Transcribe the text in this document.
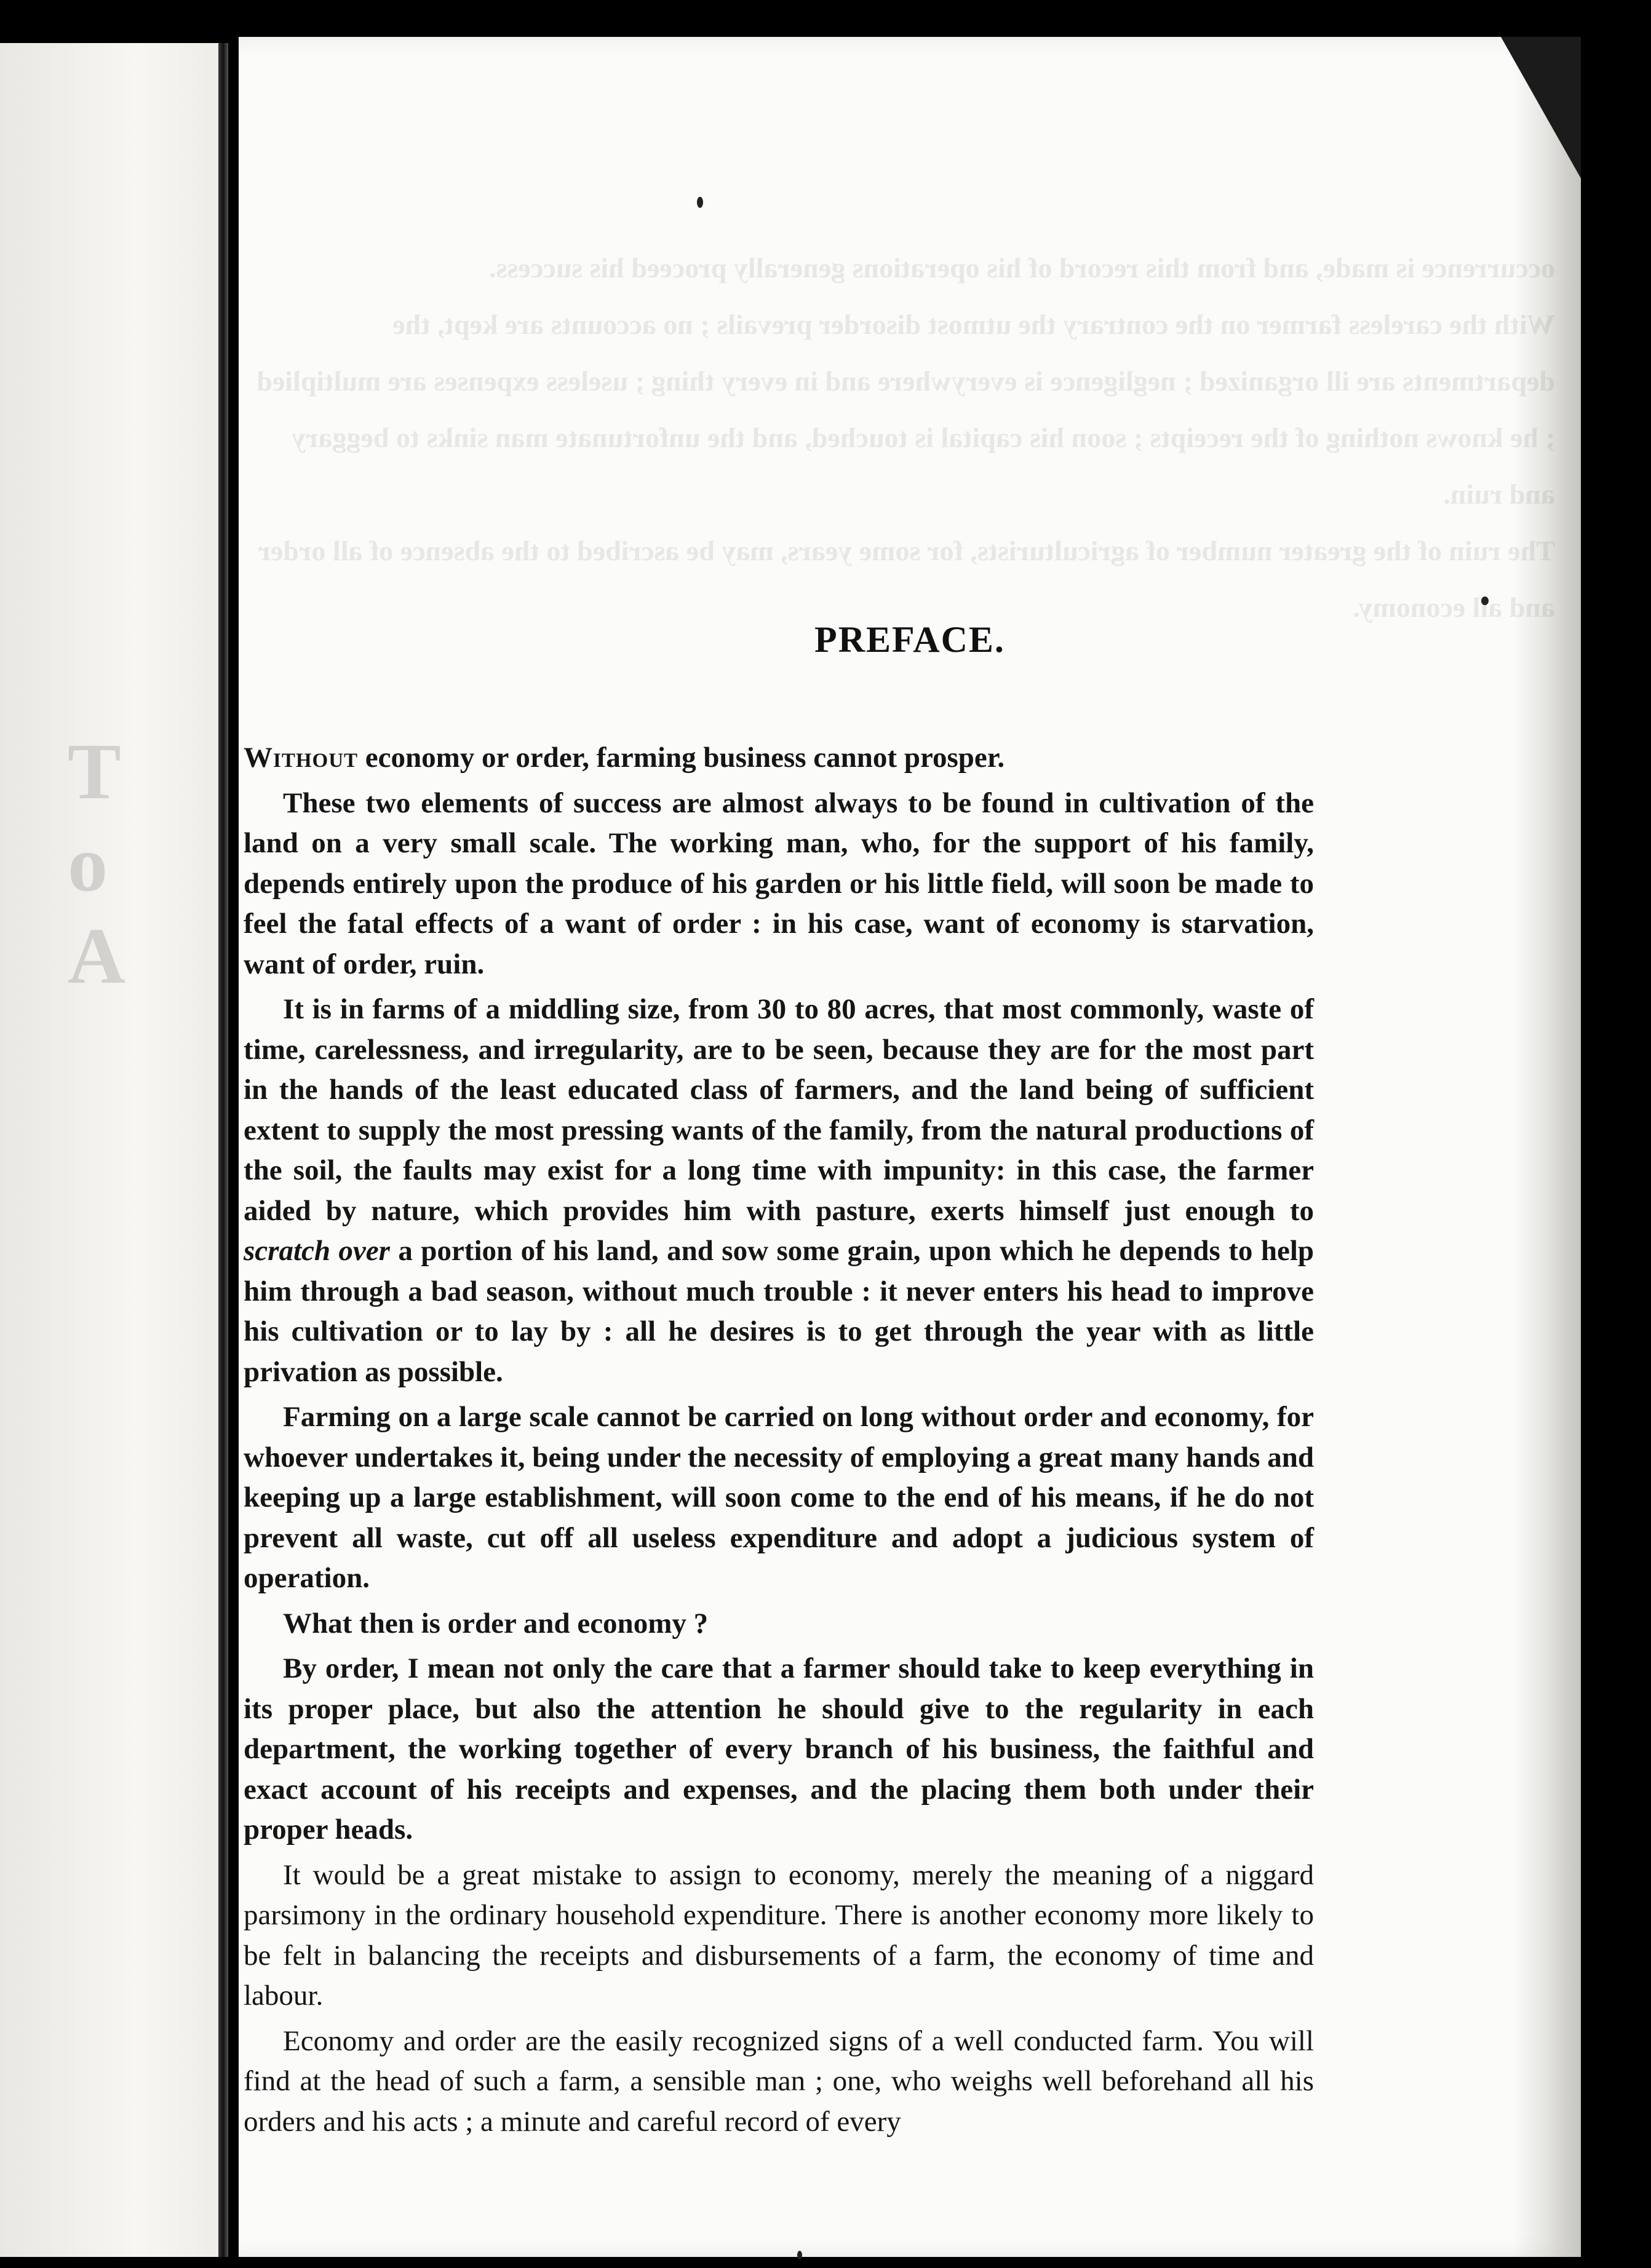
T o A
occurrence is made, and from this record of his operations generally proceed his success.
the careless farmer on the contrary the utmost disorder prevails ; no accounts are kept, the departments are ill organized ; negligence is everywhere and in every thing ; useless expenses are multiplied   knows nothing of the receipts ; soon his capital is touched, and the unfortunate man sinks to beggary  ruin.
ruin of the greater number of agriculturists, for some years, may be ascribed to the absence of all order  all economy.
PREFACE.

Without economy or order, farming business cannot prosper.

These two elements of success are almost always to be found in cultivation of the land on a very small scale. The working man, who, for the support of his family, depends entirely upon the produce of his garden or his little field, will soon be made to feel the fatal effects of a want of order : in his case, want of economy is starvation, want of order, ruin.

It is in farms of a middling size, from 30 to 80 acres, that most commonly, waste of time, carelessness, and irregularity, are to be seen, because they are for the most part in the hands of the least educated class of farmers, and the land being of sufficient extent to supply the most pressing wants of the family, from the natural productions of the soil, the faults may exist for a long time with impunity: in this case, the farmer aided by nature, which provides him with pasture, exerts himself just enough to scratch over a portion of his land, and sow some grain, upon which he depends to help him through a bad season, without much trouble : it never enters his head to improve his cultivation or to lay by : all he desires is to get through the year with as little privation as possible.

Farming on a large scale cannot be carried on long without order and economy, for whoever undertakes it, being under the necessity of employing a great many hands and keeping up a large establishment, will soon come to the end of his means, if he do not prevent all waste, cut off all useless expenditure and adopt a judicious system of operation.

What then is order and economy ?

By order, I mean not only the care that a farmer should take to keep everything in its proper place, but also the attention he should give to the regularity in each department, the working together of every branch of his business, the faithful and exact account of his receipts and expenses, and the placing them both under their proper heads.

It would be a great mistake to assign to economy, merely the meaning of a niggard parsimony in the ordinary household expenditure. There is another economy more likely to be felt in balancing the receipts and disbursements of a farm, the economy of time and labour.

Economy and order are the easily recognized signs of a well conducted farm. You will find at the head of such a farm, a sensible man ; one, who weighs well beforehand all his orders and his acts ; a minute and careful record of every
